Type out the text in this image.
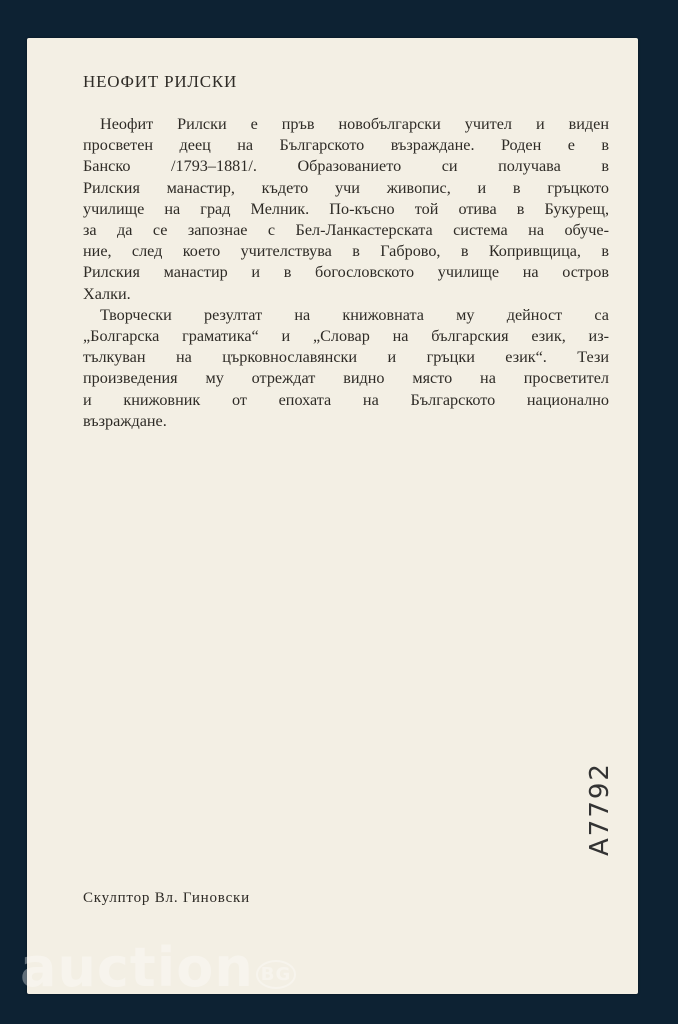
НЕОФИТ РИЛСКИ
Неофит Рилски е пръв новобългарски учител и виден
просветен деец на Българското възраждане. Роден е в
Банско /1793–1881/. Образованието си получава в
Рилския манастир, където учи живопис, и в гръцкото
училище на град Мелник. По-късно той отива в Букурещ,
за да се запознае с Бел-Ланкастерската система на обуче-
ние, след което учителствува в Габрово, в Копривщица, в
Рилския манастир и в богословското училище на остров
Халки.
Творчески резултат на книжовната му дейност са
„Болгарска граматика“ и „Словар на българския език, из-
тълкуван на църковнославянски и гръцки език“. Тези
произведения му отреждат видно място на просветител
и книжовник от епохата на Българското национално
възраждане.
Скулптор Вл. Гиновски
А7792
auction BG
